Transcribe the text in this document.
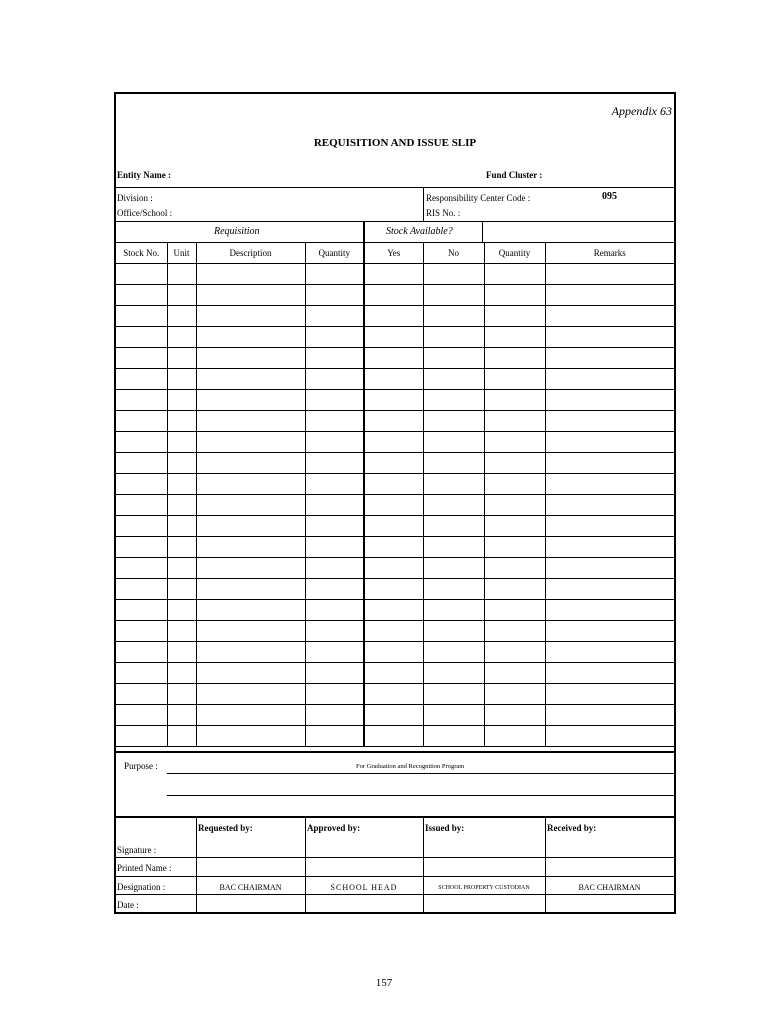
Appendix 63
REQUISITION AND ISSUE SLIP
Entity Name :	Fund Cluster :
Division :
Office/School :
Responsibility Center Code :	095
RIS No. :
Requisition	Stock Available?
Stock No.	Unit	Description	Quantity	Yes	No	Quantity	Remarks

Purpose :	For Graduation and Recognition Program
Requested by:	Approved by:	Issued by:	Received by:
Signature :
Printed Name :
Designation :	BAC CHAIRMAN	SCHOOL HEAD	SCHOOL PROPERTY CUSTODIAN	BAC CHAIRMAN
Date :
157
